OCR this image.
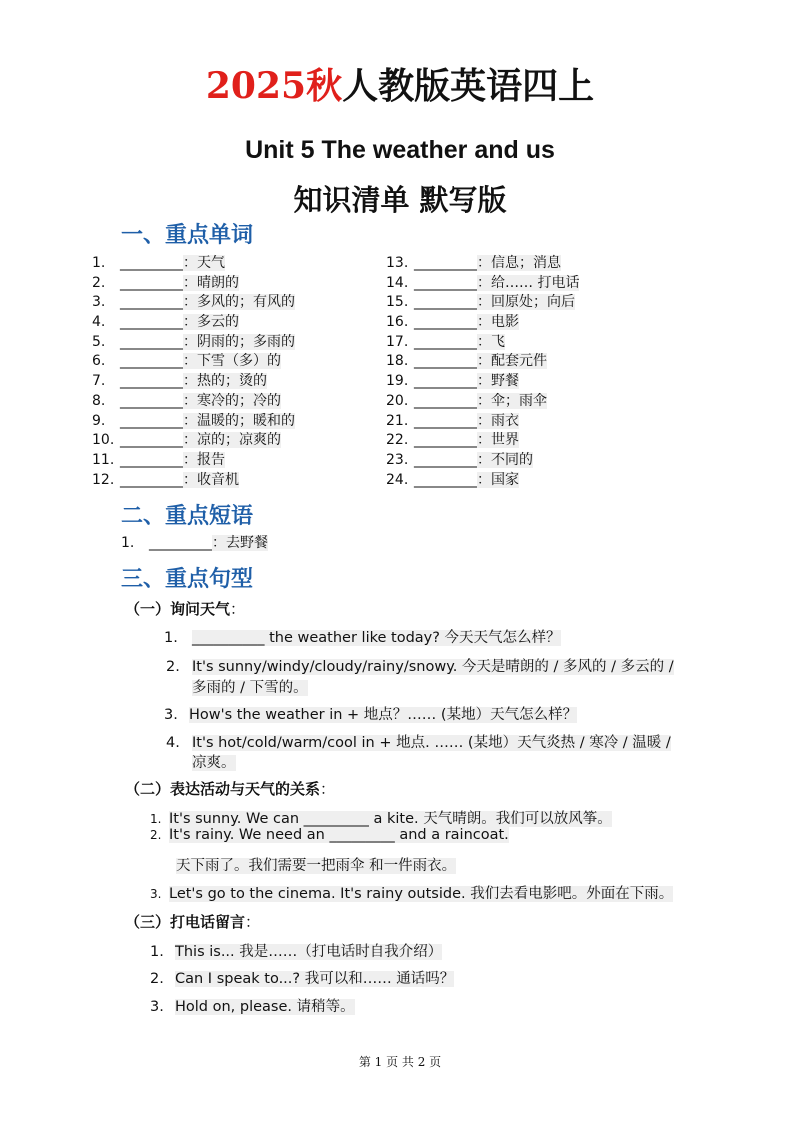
2025秋人教版英语四上
Unit 5 The weather and us
知识清单 默写版
一、重点单词
1. _________：天气
2. _________：晴朗的
3. _________：多风的；有风的
4. _________：多云的
5. _________：阴雨的；多雨的
6. _________：下雪（多）的
7. _________：热的；烫的
8. _________：寒冷的；冷的
9. _________：温暖的；暖和的
10. _________：凉的；凉爽的
11. _________：报告
12. _________：收音机
13. _________：信息；消息
14. _________：给…… 打电话
15. _________：回原处；向后
16. _________：电影
17. _________：飞
18. _________：配套元件
19. _________：野餐
20. _________：伞；雨伞
21. _________：雨衣
22. _________：世界
23. _________：不同的
24. _________：国家
二、重点短语
1. _________：去野餐
三、重点句型
（一）询问天气：
1. __________ the weather like today? 今天天气怎么样？
2. It's sunny/windy/cloudy/rainy/snowy. 今天是晴朗的 / 多风的 / 多云的 /
多雨的 / 下雪的。
3. How's the weather in + 地点？…… (某地）天气怎么样？
4. It's hot/cold/warm/cool in + 地点. …… (某地）天气炎热 / 寒冷 / 温暖 /
凉爽。
（二）表达活动与天气的关系：
1. It's sunny. We can _________ a kite. 天气晴朗。我们可以放风筝。
2. It's rainy. We need an _________ and a raincoat.
天下雨了。我们需要一把雨伞 和一件雨衣。
3. Let's go to the cinema. It's rainy outside. 我们去看电影吧。外面在下雨。
（三）打电话留言：
1. This is... 我是……（打电话时自我介绍）
2. Can I speak to...? 我可以和…… 通话吗？
3. Hold on, please. 请稍等。
第 1 页 共 2 页
